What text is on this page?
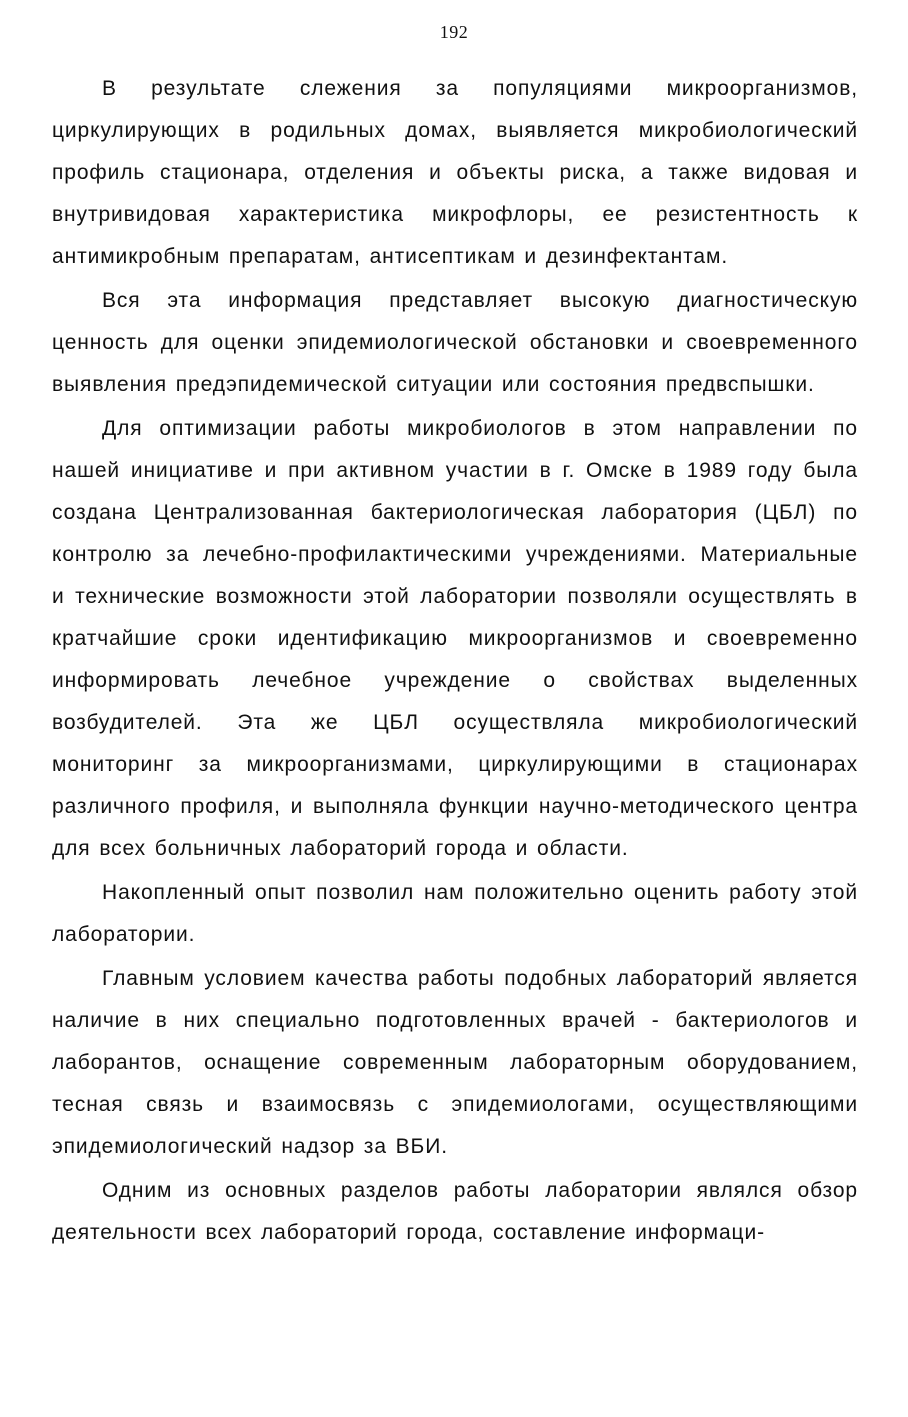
192

В результате слежения за популяциями микроорганизмов, циркулирующих в родильных домах, выявляется микробиологический профиль стационара, отделения и объекты риска, а также видовая и внутривидовая характеристика микрофлоры, ее резистентность к антимикробным препаратам, антисептикам и дезинфектантам.

Вся эта информация представляет высокую диагностическую ценность для оценки эпидемиологической обстановки и своевременного выявления предэпидемической ситуации или состояния предвспышки.

Для оптимизации работы микробиологов в этом направлении по нашей инициативе и при активном участии в г. Омске в 1989 году была создана Централизованная бактериологическая лаборатория (ЦБЛ) по контролю за лечебно-профилактическими учреждениями. Материальные и технические возможности этой лаборатории позволяли осуществлять в кратчайшие сроки идентификацию микроорганизмов и своевременно информировать лечебное учреждение о свойствах выделенных возбудителей. Эта же ЦБЛ осуществляла микробиологический мониторинг за микроорганизмами, циркулирующими в стационарах различного профиля, и выполняла функции научно-методического центра для всех больничных лабораторий города и области.

Накопленный опыт позволил нам положительно оценить работу этой лаборатории.

Главным условием качества работы подобных лабораторий является наличие в них специально подготовленных врачей - бактериологов и лаборантов, оснащение современным лабораторным оборудованием, тесная связь и взаимосвязь с эпидемиологами, осуществляющими эпидемиологический надзор за ВБИ.

Одним из основных разделов работы лаборатории являлся обзор деятельности всех лабораторий города, составление информаци-
